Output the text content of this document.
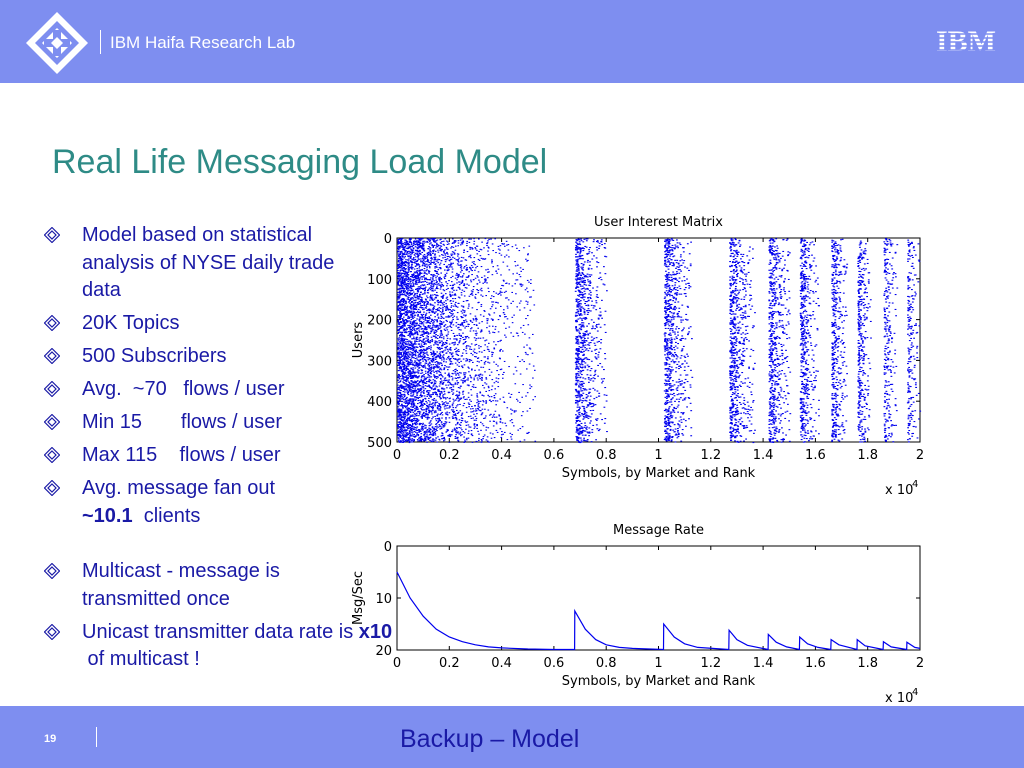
IBM Haifa Research Lab	IBM
Real Life Messaging Load Model
Model based on statistical analysis of NYSE daily trade data
20K Topics
500 Subscribers
Avg.  ~70   flows / user
Min 15       flows / user
Max 115    flows / user
Avg. message fan out
~10.1  clients
Multicast - message is transmitted once
Unicast transmitter data rate is x10 of multicast !
User Interest Matrix
0	0.2 0.4 0.6 0.8	1	1.2 1.4 1.6 1.8	2
0
100
200
300
400
500
Symbols, by Market and Rank
Users
x 10
4
Message Rate
0	0.2 0.4 0.6 0.8	1	1.2 1.4 1.6 1.8	2
0
10
20
Symbols, by Market and Rank
Msg/Sec
x 10
4
19	Backup – Model
